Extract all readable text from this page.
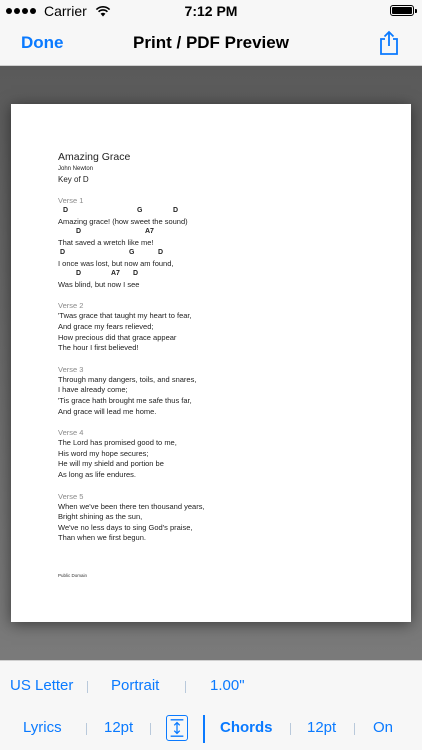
Carrier	7:12 PM
Done	Print / PDF Preview
Amazing Grace
John Newton
Key of D
Verse 1

D

	G

	D

Amazing grace! (how sweet the sound)

D

	A7

That saved a wretch like me!

D

	G

	D

I once was lost, but now am found,

D

	A7

D

Was blind, but now I see
Verse 2
'Twas grace that taught my heart to fear,
And grace my fears relieved;
How precious did that grace appear
The hour I first believed!
Verse 3
Through many dangers, toils, and snares,
I have already come;
'Tis grace hath brought me safe thus far,
And grace will lead me home.
Verse 4
The Lord has promised good to me,
His word my hope secures;
He will my shield and portion be
As long as life endures.
Verse 5
When we've been there ten thousand years,
Bright shining as the sun,
We've no less days to sing God's praise,
Than when we first begun.
Public Domain
US Letter	Portrait	1.00"
Lyrics	12pt	Chords 12pt On
